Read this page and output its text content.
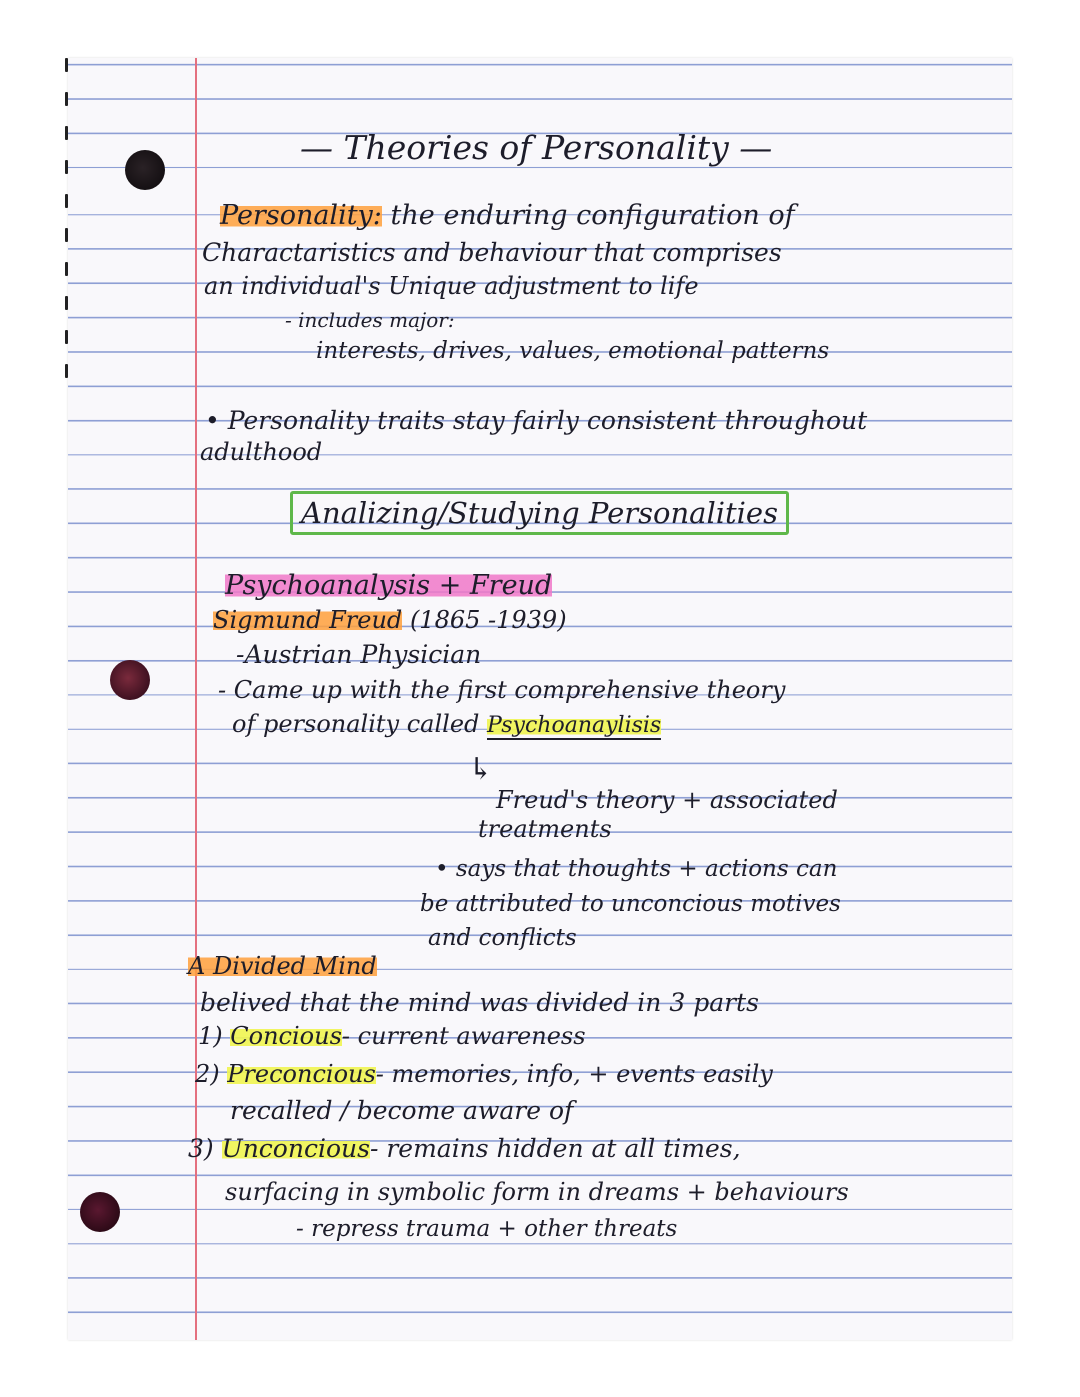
— Theories of Personality —
Personality: the enduring configuration of
Charactaristics and behaviour that comprises
an individual's Unique adjustment to life
- includes major:
interests, drives, values, emotional patterns
• Personality traits stay fairly consistent throughout
adulthood
Analizing/Studying Personalities
Psychoanalysis + Freud
Sigmund Freud (1865 -1939)
-Austrian Physician
- Came up with the first comprehensive theory
of personality called Psychoanaylisis
↳
Freud's theory + associated
treatments
• says that thoughts + actions can
be attributed to unconcious motives
and conflicts
A Divided Mind
belived that the mind was divided in 3 parts
1) Concious- current awareness
2) Preconcious- memories, info, + events easily
recalled / become aware of
3) Unconcious- remains hidden at all times,
surfacing in symbolic form in dreams + behaviours
- repress trauma + other threats
